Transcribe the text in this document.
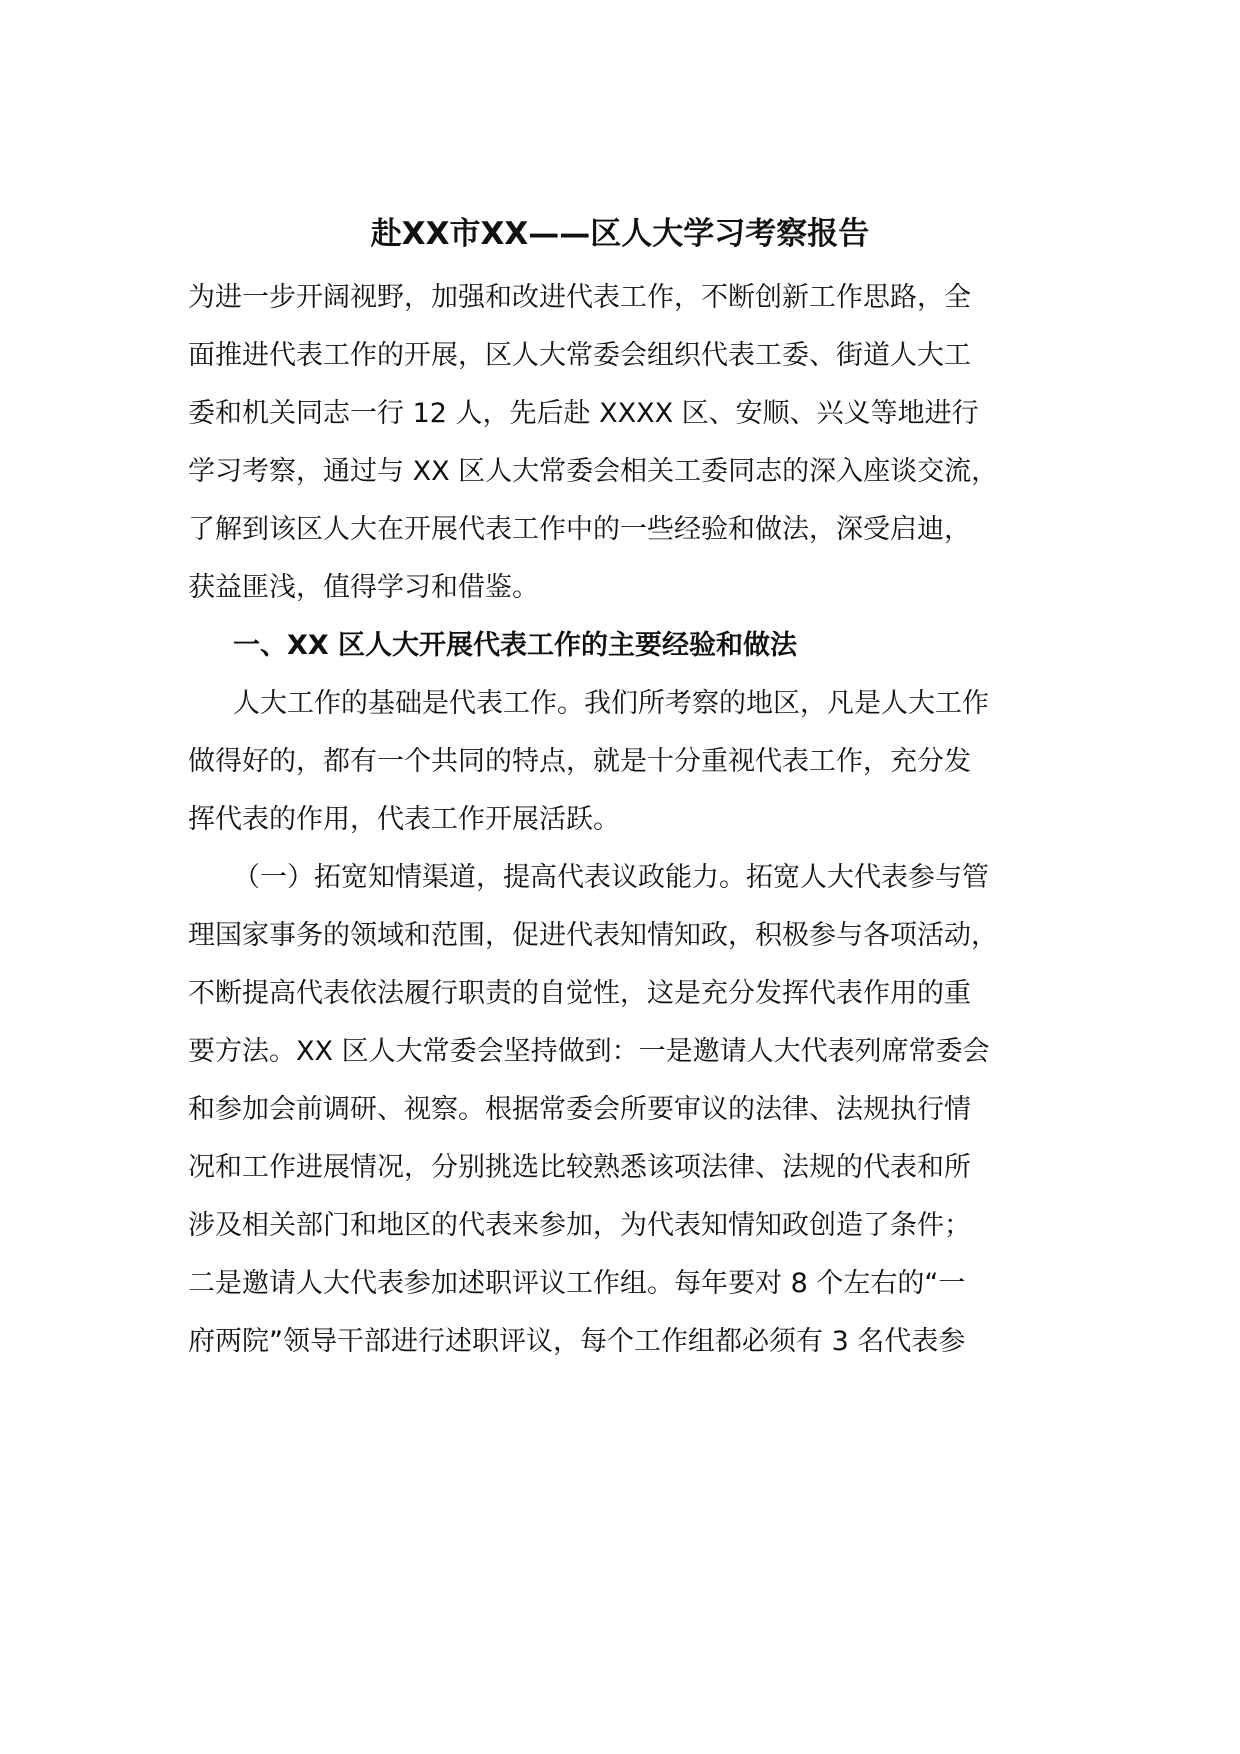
赴XX市XX——区人大学习考察报告

为进一步开阔视野，加强和改进代表工作，不断创新工作思路，全

面推进代表工作的开展，区人大常委会组织代表工委、街道人大工

委和机关同志一行 12 人，先后赴 XXXX 区、安顺、兴义等地进行

学习考察，通过与 XX 区人大常委会相关工委同志的深入座谈交流，

了解到该区人大在开展代表工作中的一些经验和做法，深受启迪，

获益匪浅，值得学习和借鉴。

一、XX 区人大开展代表工作的主要经验和做法

人大工作的基础是代表工作。我们所考察的地区，凡是人大工作

做得好的，都有一个共同的特点，就是十分重视代表工作，充分发

挥代表的作用，代表工作开展活跃。

（一）拓宽知情渠道，提高代表议政能力。拓宽人大代表参与管

理国家事务的领域和范围，促进代表知情知政，积极参与各项活动，

不断提高代表依法履行职责的自觉性，这是充分发挥代表作用的重

要方法。XX 区人大常委会坚持做到：一是邀请人大代表列席常委会

和参加会前调研、视察。根据常委会所要审议的法律、法规执行情

况和工作进展情况，分别挑选比较熟悉该项法律、法规的代表和所

涉及相关部门和地区的代表来参加，为代表知情知政创造了条件；

二是邀请人大代表参加述职评议工作组。每年要对 8 个左右的“一

府两院”领导干部进行述职评议，每个工作组都必须有 3 名代表参
